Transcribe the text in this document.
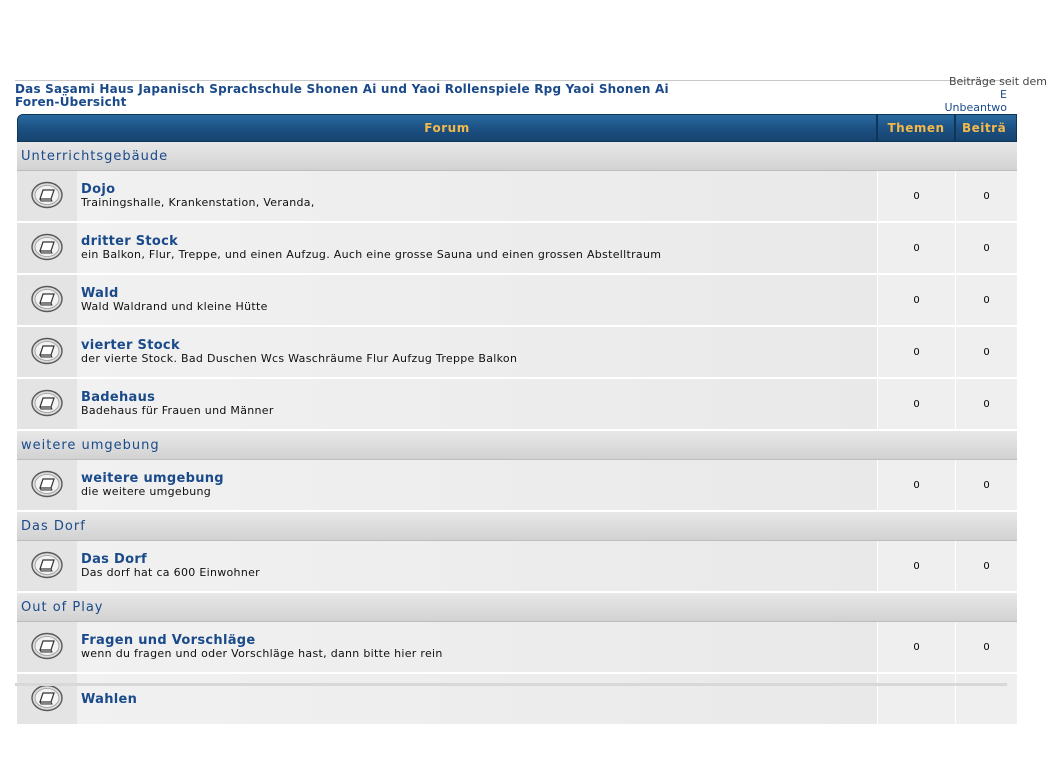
Das Sasami Haus Japanisch Sprachschule Shonen Ai und Yaoi Rollenspiele Rpg Yaoi Shonen Ai
Foren-Übersicht
Beiträge seit dem
E
Unbeantwo
Forum		Themen	Beiträ
Unterrichtsgebäude			

Dojo
Trainingshalle, Krankenstation, Veranda,	0	0

dritter Stock
ein Balkon, Flur, Treppe, und einen Aufzug. Auch eine grosse Sauna und einen grossen Abstelltraum	0	0

Wald
Wald Waldrand und kleine Hütte	0	0

vierter Stock
der vierte Stock. Bad Duschen Wcs Waschräume Flur Aufzug Treppe Balkon	0	0

Badehaus
Badehaus für Frauen und Männer	0	0
weitere umgebung			

weitere umgebung
die weitere umgebung	0	0
Das Dorf			

Das Dorf
Das dorf hat ca 600 Einwohner	0	0
Out of Play			

Fragen und Vorschläge
wenn du fragen und oder Vorschläge hast, dann bitte hier rein	0	0

Wahlen		
